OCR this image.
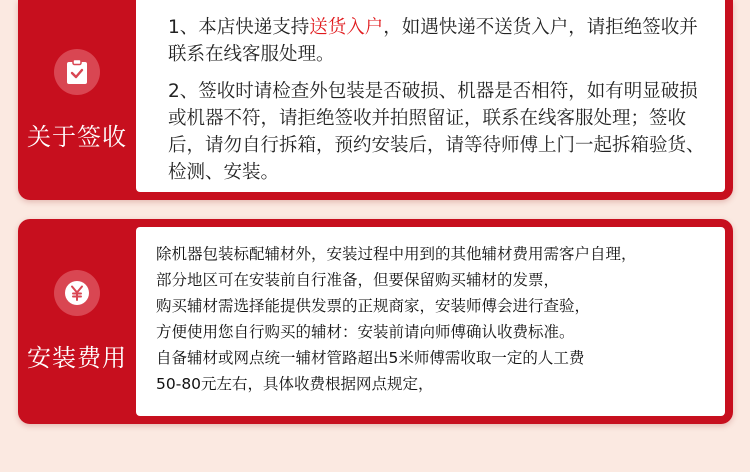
关于签收

1、本店快递支持送货入户，如遇快递不送货入户，请拒绝签收并联系在线客服处理。

2、签收时请检查外包装是否破损、机器是否相符，如有明显破损或机器不符，请拒绝签收并拍照留证，联系在线客服处理；签收后，请勿自行拆箱，预约安装后，请等待师傅上门一起拆箱验货、检测、安装。

安装费用
除机器包装标配辅材外，安装过程中用到的其他辅材费用需客户自理，
部分地区可在安装前自行准备，但要保留购买辅材的发票，
购买辅材需选择能提供发票的正规商家，安装师傅会进行查验，
方便使用您自行购买的辅材：安装前请向师傅确认收费标准。
自备辅材或网点统一辅材管路超出5米师傅需收取一定的人工费
50-80元左右，具体收费根据网点规定，
